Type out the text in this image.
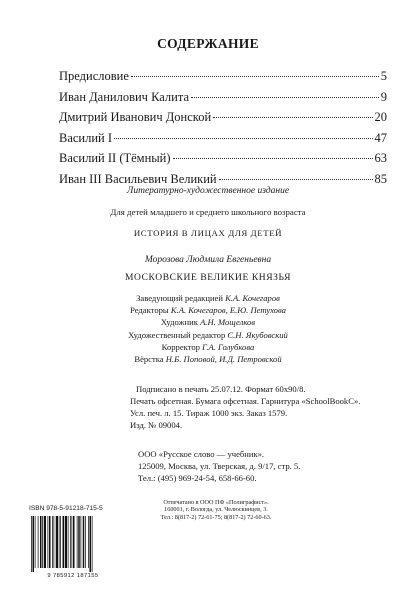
СОДЕРЖАНИЕ
Предисловие	5
Иван Данилович Калита	9
Дмитрий Иванович Донской	20
Василий I	47
Василий II (Тёмный)	63
Иван III Васильевич Великий	85
Литературно-художественное издание
Для детей младшего и среднего школьного возраста
ИСТОРИЯ В ЛИЦАХ ДЛЯ ДЕТЕЙ
Морозова Людмила Евгеньевна
МОСКОВСКИЕ ВЕЛИКИЕ КНЯЗЬЯ
Заведующий редакцией К.А. Кочегаров
Редакторы К.А. Кочегаров, Е.Ю. Петухова
Художник А.Н. Мощелков
Художественный редактор С.Н. Якубовский
Корректор Г.А. Голубкова
Вёрстка Н.Б. Поповой, И.Д. Петровской
Подписано в печать 25.07.12. Формат 60х90/8.
Печать офсетная. Бумага офсетная. Гарнитура «SchoolBookC».
Усл. печ. л. 15. Тираж 1000 экз. Заказ 1579.
Изд. № 09004.
ООО «Русское слово — учебник».
125009, Москва, ул. Тверская, д. 9/17, стр. 5.
Тел.: (495) 969-24-54, 658-66-60.
Отпечатано в ООО ПФ «Полиграфист».
160001, г. Вологда, ул. Челюскинцев, 3.
Тел.: 8(817-2) 72-61-75; 8(817-2) 72-60-63.
ISBN 978-5-91218-715-5
9 785912 187155
